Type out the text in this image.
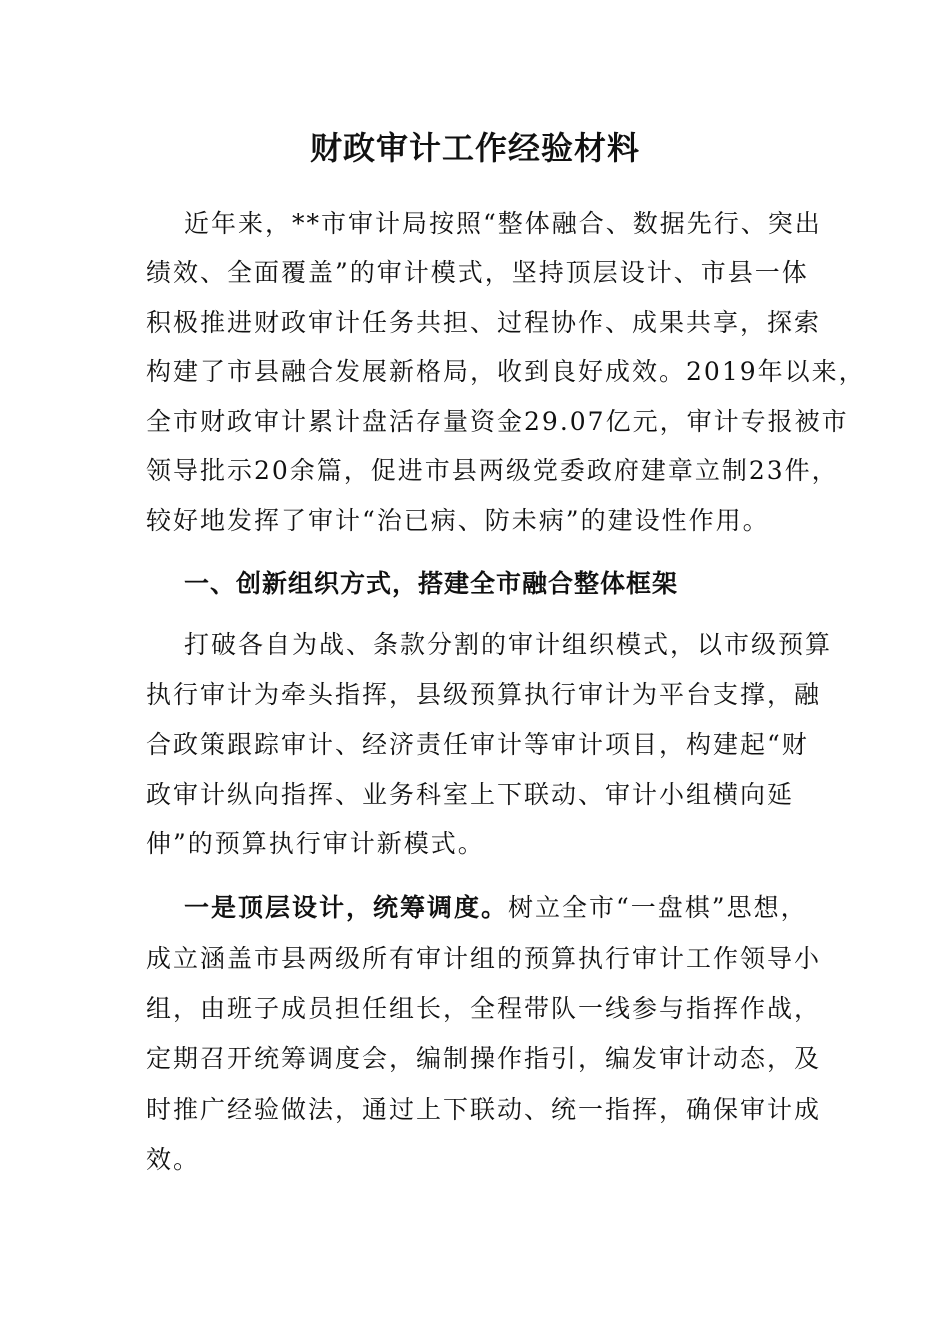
财政审计工作经验材料

近年来，**市审计局按照“整体融合、数据先行、突出

绩效、全面覆盖”的审计模式，坚持顶层设计、市县一体

积极推进财政审计任务共担、过程协作、成果共享，探索

构建了市县融合发展新格局，收到良好成效。2019年以来，

全市财政审计累计盘活存量资金29.07亿元，审计专报被市

领导批示20余篇，促进市县两级党委政府建章立制23件，

较好地发挥了审计“治已病、防未病”的建设性作用。

一、创新组织方式，搭建全市融合整体框架

打破各自为战、条款分割的审计组织模式，以市级预算

执行审计为牵头指挥，县级预算执行审计为平台支撑，融

合政策跟踪审计、经济责任审计等审计项目，构建起“财

政审计纵向指挥、业务科室上下联动、审计小组横向延

伸”的预算执行审计新模式。

一是顶层设计，统筹调度。树立全市“一盘棋”思想，

成立涵盖市县两级所有审计组的预算执行审计工作领导小

组，由班子成员担任组长，全程带队一线参与指挥作战，

定期召开统筹调度会，编制操作指引，编发审计动态，及

时推广经验做法，通过上下联动、统一指挥，确保审计成

效。
